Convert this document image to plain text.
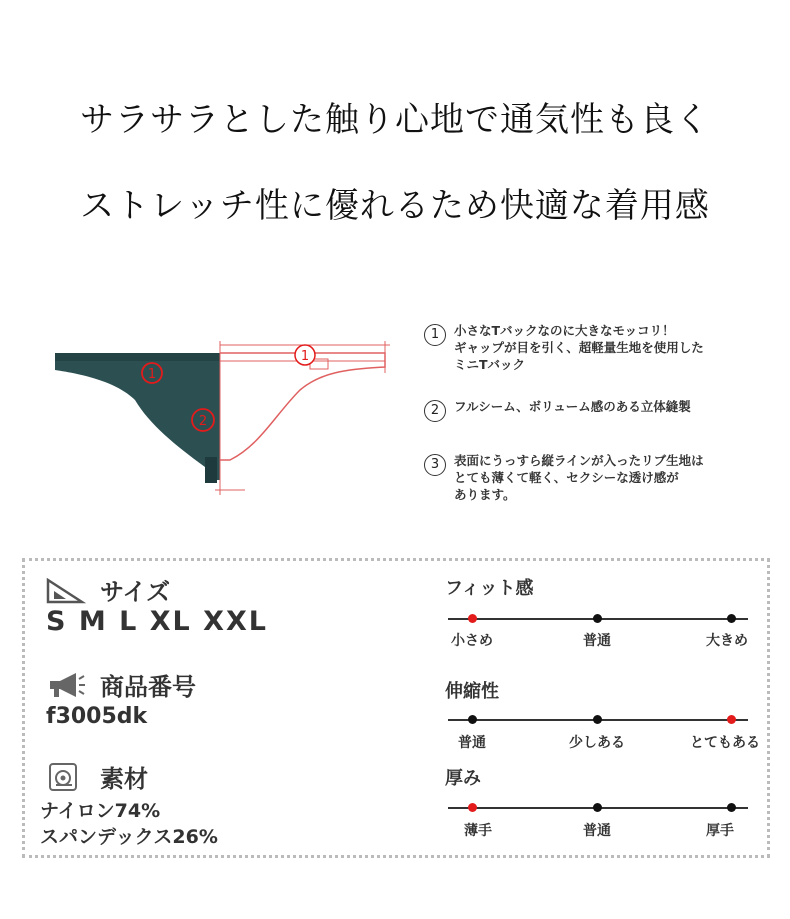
サラサラとした触り心地で通気性も良く
ストレッチ性に優れるため快適な着用感
1
2
1
1	小さなTバックなのに大きなモッコリ！
ギャップが目を引く、超軽量生地を使用した
ミニTバック
2	フルシーム、ボリューム感のある立体縫製
3	表面にうっすら縦ラインが入ったリブ生地は
とても薄くて軽く、セクシーな透け感が
あります。
サイズ
S M L XL XXL
商品番号
f3005dk
素材
ナイロン74%
スパンデックス26%
フィット感
小さめ	普通	大きめ
伸縮性
普通	少しある	とてもある
厚み
薄手	普通	厚手
